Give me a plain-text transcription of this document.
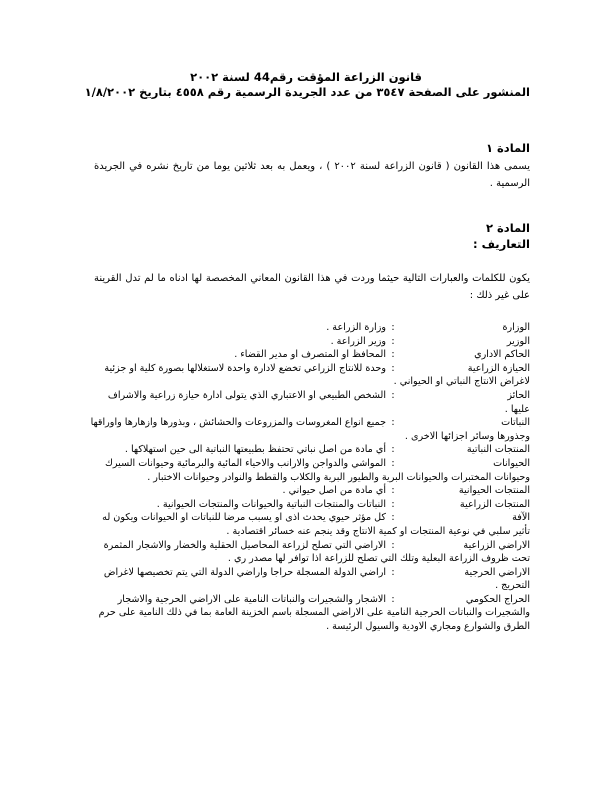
قانون الزراعة المؤقت رقم44 لسنة ٢٠٠٢
المنشور على الصفحة ٣٥٤٧ من عدد الجريدة الرسمية رقم ٤٥٥٨ بتاريخ ١/٨/٢٠٠٢
المادة ١
يسمى هذا القانون ( قانون الزراعة لسنة ٢٠٠٢ ) ، ويعمل به بعد ثلاثين يوما من تاريخ نشره في الجريدة الرسمية .
المادة ٢
التعاريف :
يكون للكلمات والعبارات التالية حيثما وردت في هذا القانون المعاني المخصصة لها ادناه ما لم تدل القرينة على غير ذلك :
الوزارة:وزارة الزراعة .
الوزير:وزير الزراعة .
الحاكم الاداري:المحافظ او المتصرف او مدير القضاء .
الحيازة الزراعية:وحدة للانتاج الزراعي تخضع لادارة واحدة لاستغلالها بصورة كلية او جزئية لاغراض الانتاج النباتي او الحيواني .
الحائز:الشخص الطبيعي او الاعتباري الذي يتولى ادارة حيازة زراعية والاشراف عليها .
النباتات:جميع انواع المغروسات والمزروعات والحشائش ، وبذورها وازهارها واوراقها وجذورها وسائر اجزائها الاخرى .
المنتجات النباتية:أي مادة من اصل نباتي تحتفظ بطبيعتها النباتية الى حين استهلاكها .
الحيوانات:المواشي والدواجن والارانب والاحياء المائية والبرمائية وحيوانات السيرك وحيوانات المختبرات والحيوانات البرية والطيور البرية والكلاب والقطط والنوادر وحيوانات الاختبار .
المنتجات الحيوانية:أي مادة من اصل حيواني .
المنتجات الزراعية:النباتات والمنتجات النباتية والحيوانات والمنتجات الحيوانية .
الآفة:كل مؤثر حيوي يحدث اذى او يسبب مرضا للنباتات او الحيوانات ويكون له تأثير سلبي في نوعية المنتجات او كمية الانتاج وقد ينجم عنه خسائر اقتصادية .
الاراضي الزراعية:الاراضي التي تصلح لزراعة المحاصيل الحقلية والخضار والاشجار المثمرة تحت ظروف الزراعة البعلية وتلك التي تصلح للزراعة اذا توافر لها مصدر ري .
الاراضي الحرجية:اراضي الدولة المسجلة حراجا واراضي الدولة التي يتم تخصيصها لاغراض التحريج .
الحراج الحكومي:الاشجار والشجيرات والنباتات النامية على الاراضي الحرجية والاشجار والشجيرات والنباتات الحرجية النامية على الاراضي المسجلة باسم الخزينة العامة بما في ذلك النامية على حرم الطرق والشوارع ومجاري الاودية والسيول الرئيسة .
